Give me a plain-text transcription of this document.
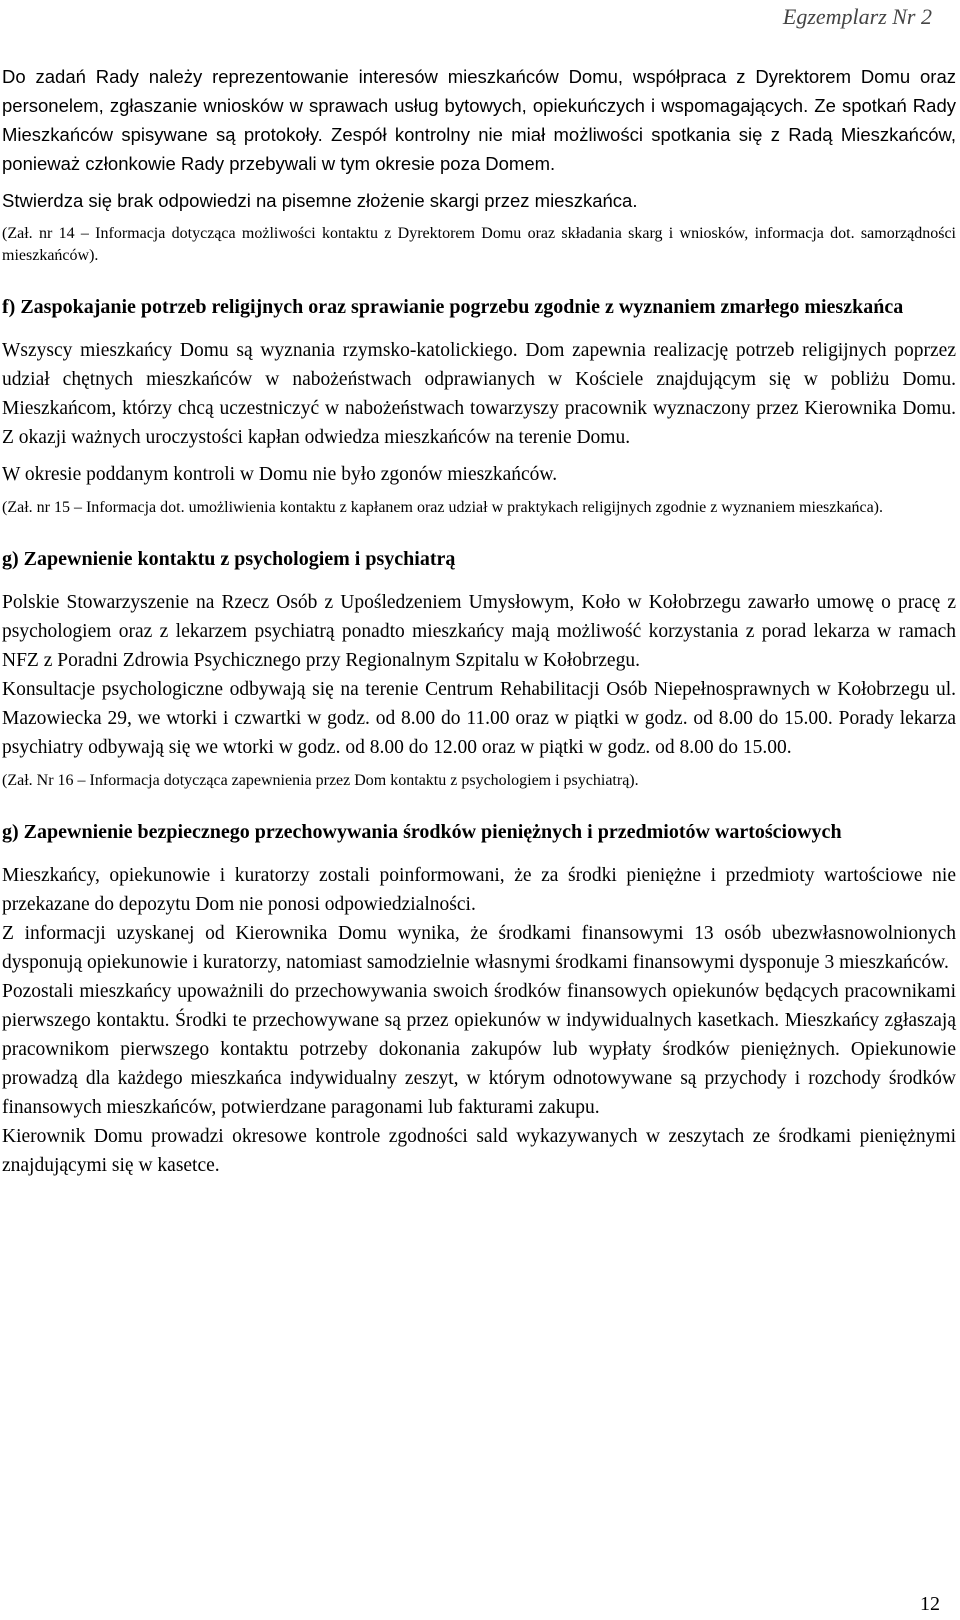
Egzemplarz Nr 2

Do zadań Rady należy reprezentowanie interesów mieszkańców Domu, współpraca z Dyrektorem Domu oraz personelem, zgłaszanie wniosków w sprawach usług bytowych, opiekuńczych i wspomagających. Ze spotkań Rady Mieszkańców spisywane są protokoły. Zespół kontrolny nie miał możliwości spotkania się z Radą Mieszkańców, ponieważ członkowie Rady przebywali w tym okresie poza Domem.

Stwierdza się brak odpowiedzi na pisemne złożenie skargi przez mieszkańca.

(Zał. nr 14 – Informacja dotycząca możliwości kontaktu z Dyrektorem Domu oraz składania skarg i wniosków, informacja dot. samorządności mieszkańców).

f) Zaspokajanie potrzeb religijnych oraz sprawianie pogrzebu zgodnie z wyznaniem zmarłego mieszkańca

Wszyscy mieszkańcy Domu są wyznania rzymsko-katolickiego. Dom zapewnia realizację potrzeb religijnych poprzez udział chętnych mieszkańców w nabożeństwach odprawianych w Kościele znajdującym się w pobliżu Domu. Mieszkańcom, którzy chcą uczestniczyć w nabożeństwach towarzyszy pracownik wyznaczony przez Kierownika Domu. Z okazji ważnych uroczystości kapłan odwiedza mieszkańców na terenie Domu.

W okresie poddanym kontroli w Domu nie było zgonów mieszkańców.

(Zał. nr 15 – Informacja dot. umożliwienia kontaktu z kapłanem oraz udział w praktykach religijnych zgodnie z wyznaniem mieszkańca).

g) Zapewnienie kontaktu z psychologiem i psychiatrą

Polskie Stowarzyszenie na Rzecz Osób z Upośledzeniem Umysłowym, Koło w Kołobrzegu zawarło umowę o pracę z psychologiem oraz z lekarzem psychiatrą ponadto mieszkańcy mają możliwość korzystania z porad lekarza w ramach NFZ z Poradni Zdrowia Psychicznego przy Regionalnym Szpitalu w Kołobrzegu.

Konsultacje psychologiczne odbywają się na terenie Centrum Rehabilitacji Osób Niepełnosprawnych w Kołobrzegu ul. Mazowiecka 29, we wtorki i czwartki w godz. od 8.00 do 11.00 oraz w piątki w godz. od 8.00 do 15.00. Porady lekarza psychiatry odbywają się we wtorki w godz. od 8.00 do 12.00 oraz w piątki w godz. od 8.00 do 15.00.

(Zał. Nr 16 – Informacja dotycząca zapewnienia przez Dom kontaktu z psychologiem i psychiatrą).

g) Zapewnienie bezpiecznego przechowywania środków pieniężnych i przedmiotów wartościowych

Mieszkańcy, opiekunowie i kuratorzy zostali poinformowani, że za środki pieniężne i przedmioty wartościowe nie przekazane do depozytu Dom nie ponosi odpowiedzialności.

Z informacji uzyskanej od Kierownika Domu wynika, że środkami finansowymi 13 osób ubezwłasnowolnionych dysponują opiekunowie i kuratorzy, natomiast samodzielnie własnymi środkami finansowymi dysponuje 3 mieszkańców.

Pozostali mieszkańcy upoważnili do przechowywania swoich środków finansowych opiekunów będących pracownikami pierwszego kontaktu. Środki te przechowywane są przez opiekunów w indywidualnych kasetkach. Mieszkańcy zgłaszają pracownikom pierwszego kontaktu potrzeby dokonania zakupów lub wypłaty środków pieniężnych. Opiekunowie prowadzą dla każdego mieszkańca indywidualny zeszyt, w którym odnotowywane są przychody i rozchody środków finansowych mieszkańców, potwierdzane paragonami lub fakturami zakupu.

Kierownik Domu prowadzi okresowe kontrole zgodności sald wykazywanych w zeszytach ze środkami pieniężnymi znajdującymi się w kasetce.

12
